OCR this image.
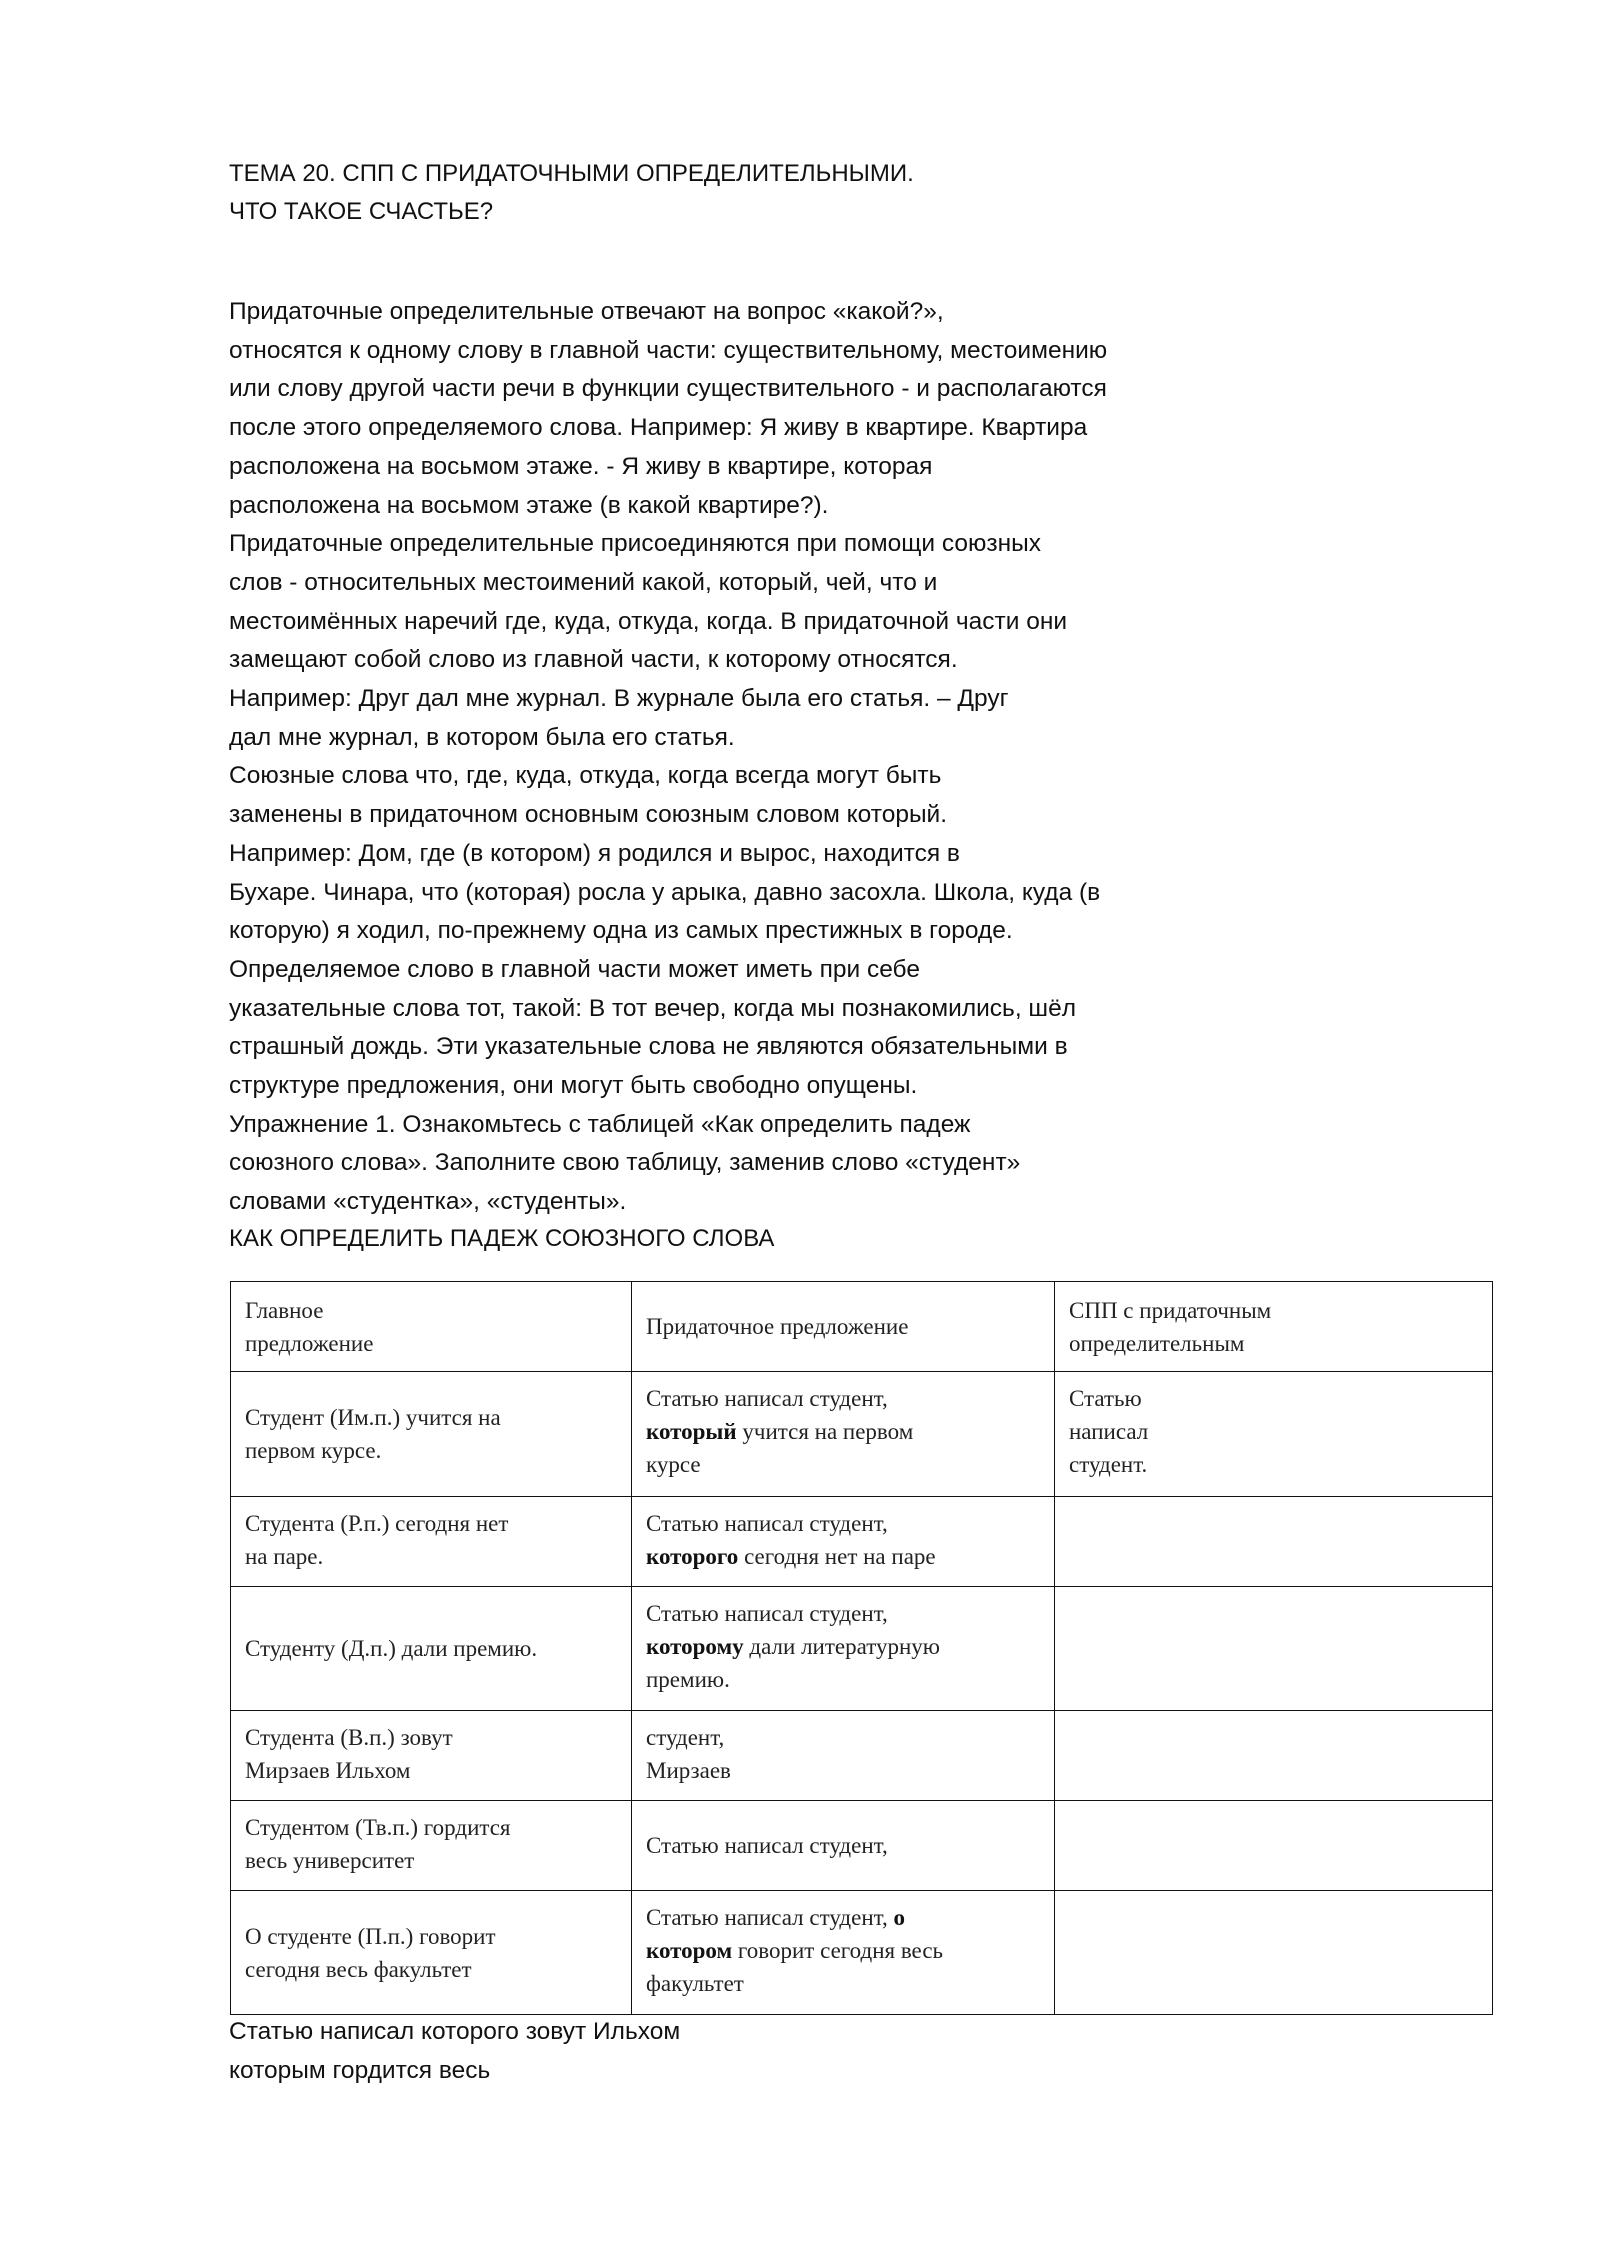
ТЕМА 20. СПП С ПРИДАТОЧНЫМИ ОПРЕДЕЛИТЕЛЬНЫМИ.
ЧТО ТАКОЕ СЧАСТЬЕ?
Придаточные определительные отвечают на вопрос «какой?»,
относятся к одному слову в главной части: существительному, местоимению
или слову другой части речи в функции существительного - и располагаются
после этого определяемого слова. Например: Я живу в квартире. Квартира
расположена на восьмом этаже. - Я живу в квартире, которая
расположена на восьмом этаже (в какой квартире?).
Придаточные определительные присоединяются при помощи союзных
слов - относительных местоимений какой, который, чей, что и
местоимённых наречий где, куда, откуда, когда. В придаточной части они
замещают собой слово из главной части, к которому относятся.
Например: Друг дал мне журнал. В журнале была его статья. – Друг
дал мне журнал, в котором была его статья.
Союзные слова что, где, куда, откуда, когда всегда могут быть
заменены в придаточном основным союзным словом который.
Например: Дом, где (в котором) я родился и вырос, находится в
Бухаре. Чинара, что (которая) росла у арыка, давно засохла. Школа, куда (в
которую) я ходил, по-прежнему одна из самых престижных в городе.
Определяемое слово в главной части может иметь при себе
указательные слова тот, такой: В тот вечер, когда мы познакомились, шёл
страшный дождь. Эти указательные слова не являются обязательными в
структуре предложения, они могут быть свободно опущены.
Упражнение 1. Ознакомьтесь с таблицей «Как определить падеж
союзного слова». Заполните свою таблицу, заменив слово «студент»
словами «студентка», «студенты».
КАК ОПРЕДЕЛИТЬ ПАДЕЖ СОЮЗНОГО СЛОВА
Главное
предложение	Придаточное предложение	СПП с придаточным
определительным
Студент (Им.п.) учится на
первом курсе.	Статью написал студент,
который учится на первом
курсе	Статью
написал
студент.
Студента (Р.п.) сегодня нет
на паре.	Статью написал студент,
которого сегодня нет на паре	
Студенту (Д.п.) дали премию.	Статью написал студент,
которому дали литературную
премию.	
Студента (В.п.) зовут
Мирзаев Ильхом	студент,
Мирзаев	
Студентом (Тв.п.) гордится
весь университет	Статью написал студент,	
О студенте (П.п.) говорит
сегодня весь факультет	Статью написал студент, о
котором говорит сегодня весь
факультет	
Статью написал которого зовут Ильхом
которым гордится весь
